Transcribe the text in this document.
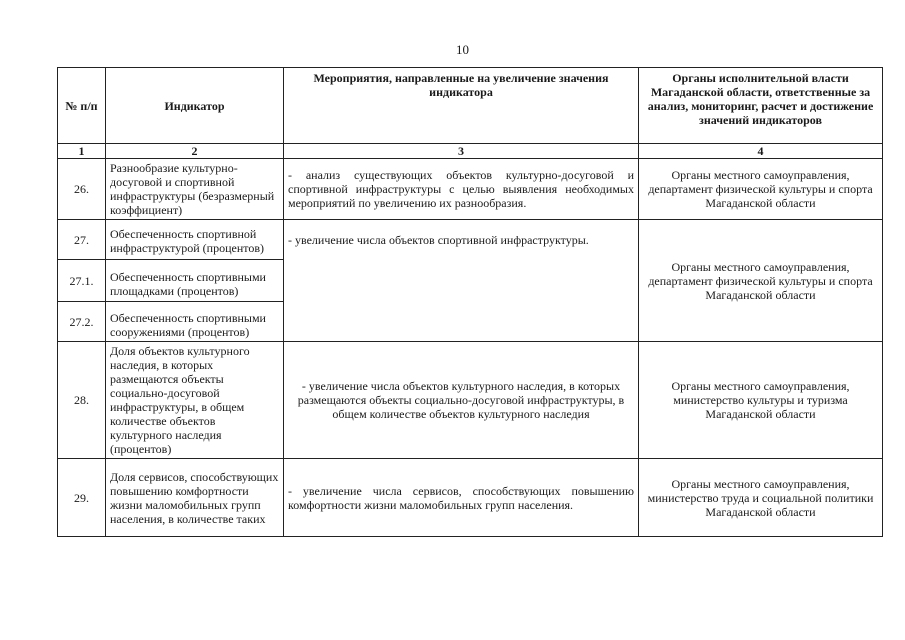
10
№ п/п	Индикатор	Мероприятия, направленные на увеличение значения индикатора	Органы исполнительной власти Магаданской области, ответственные за анализ, мониторинг, расчет и достижение значений индикаторов
1	2	3	4
26.	Разнообразие культурно-досуговой и спортивной инфраструктуры (безразмерный коэффициент)	- анализ существующих объектов культурно-досуговой и спортивной инфраструктуры с целью выявления необходимых мероприятий по увеличению их разнообразия.	Органы местного самоуправления, департамент физической культуры и спорта Магаданской области
27.	Обеспеченность спортивной инфраструктурой (процентов)	- увеличение числа объектов спортивной инфраструктуры.	
27.1.	Обеспеченность спортивными площадками (процентов)		Органы местного самоуправления, департамент физической культуры и спорта Магаданской области
27.2.	Обеспеченность спортивными сооружениями (процентов)		
28.	Доля объектов культурного наследия, в которых размещаются объекты социально-досуговой инфраструктуры, в общем количестве объектов культурного наследия (процентов)	- увеличение числа объектов культурного наследия, в которых размещаются объекты социально-досуговой инфраструктуры, в общем количестве объектов культурного наследия	Органы местного самоуправления, министерство культуры и туризма Магаданской области
29.	Доля сервисов, способствующих повышению комфортности жизни маломобильных групп населения, в количестве таких	- увеличение числа сервисов, способствующих повышению комфортности жизни маломобильных групп населения.	Органы местного самоуправления, министерство труда и социальной политики Магаданской области
